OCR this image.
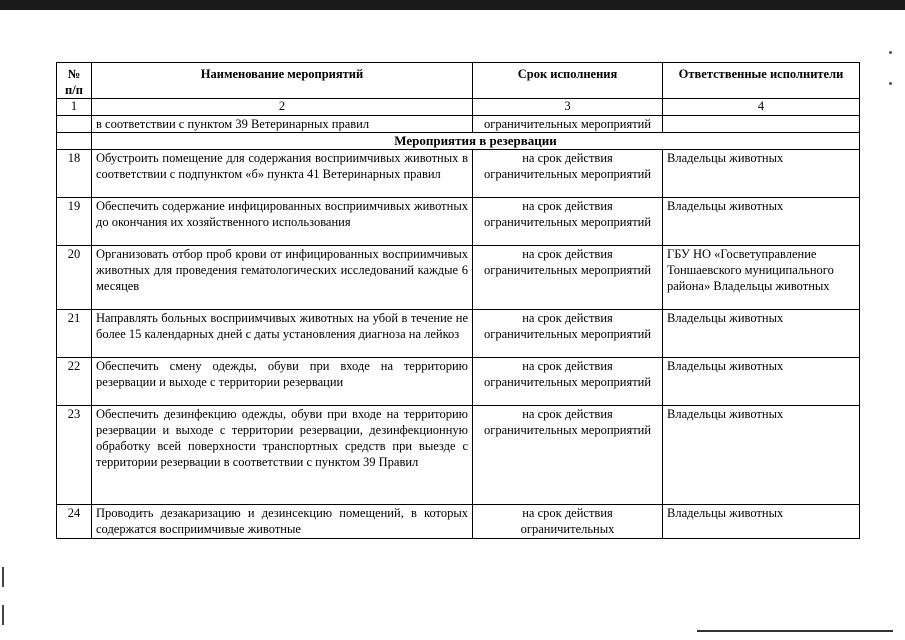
№ п/п	Наименование мероприятий	Срок исполнения	Ответственные исполнители
1	2	3	4
	в соответствии с пунктом 39 Ветеринарных правил	ограничительных мероприятий	
	Мероприятия в резервации		
18	Обустроить помещение для содержания восприимчивых животных в соответствии с подпунктом «б» пункта 41 Ветеринарных правил	на срок действия ограничительных мероприятий	Владельцы животных
19	Обеспечить содержание инфицированных восприимчивых животных до окончания их хозяйственного использования	на срок действия ограничительных мероприятий	Владельцы животных
20	Организовать отбор проб крови от инфицированных восприимчивых животных для проведения гематологических исследований каждые 6 месяцев	на срок действия ограничительных мероприятий	ГБУ НО «Госветуправление Тоншаевского муниципального района» Владельцы животных
21	Направлять больных восприимчивых животных на убой в течение не более 15 календарных дней с даты установления диагноза на лейкоз	на срок действия ограничительных мероприятий	Владельцы животных
22	Обеспечить смену одежды, обуви при входе на территорию резервации и выходе с территории резервации	на срок действия ограничительных мероприятий	Владельцы животных
23	Обеспечить дезинфекцию одежды, обуви при входе на территорию резервации и выходе с территории резервации, дезинфекционную обработку всей поверхности транспортных средств при выезде с территории резервации в соответствии с пунктом 39 Правил	на срок действия ограничительных мероприятий	Владельцы животных
24	Проводить дезакаризацию и дезинсекцию помещений, в которых содержатся восприимчивые животные	на срок действия ограничительных	Владельцы животных
